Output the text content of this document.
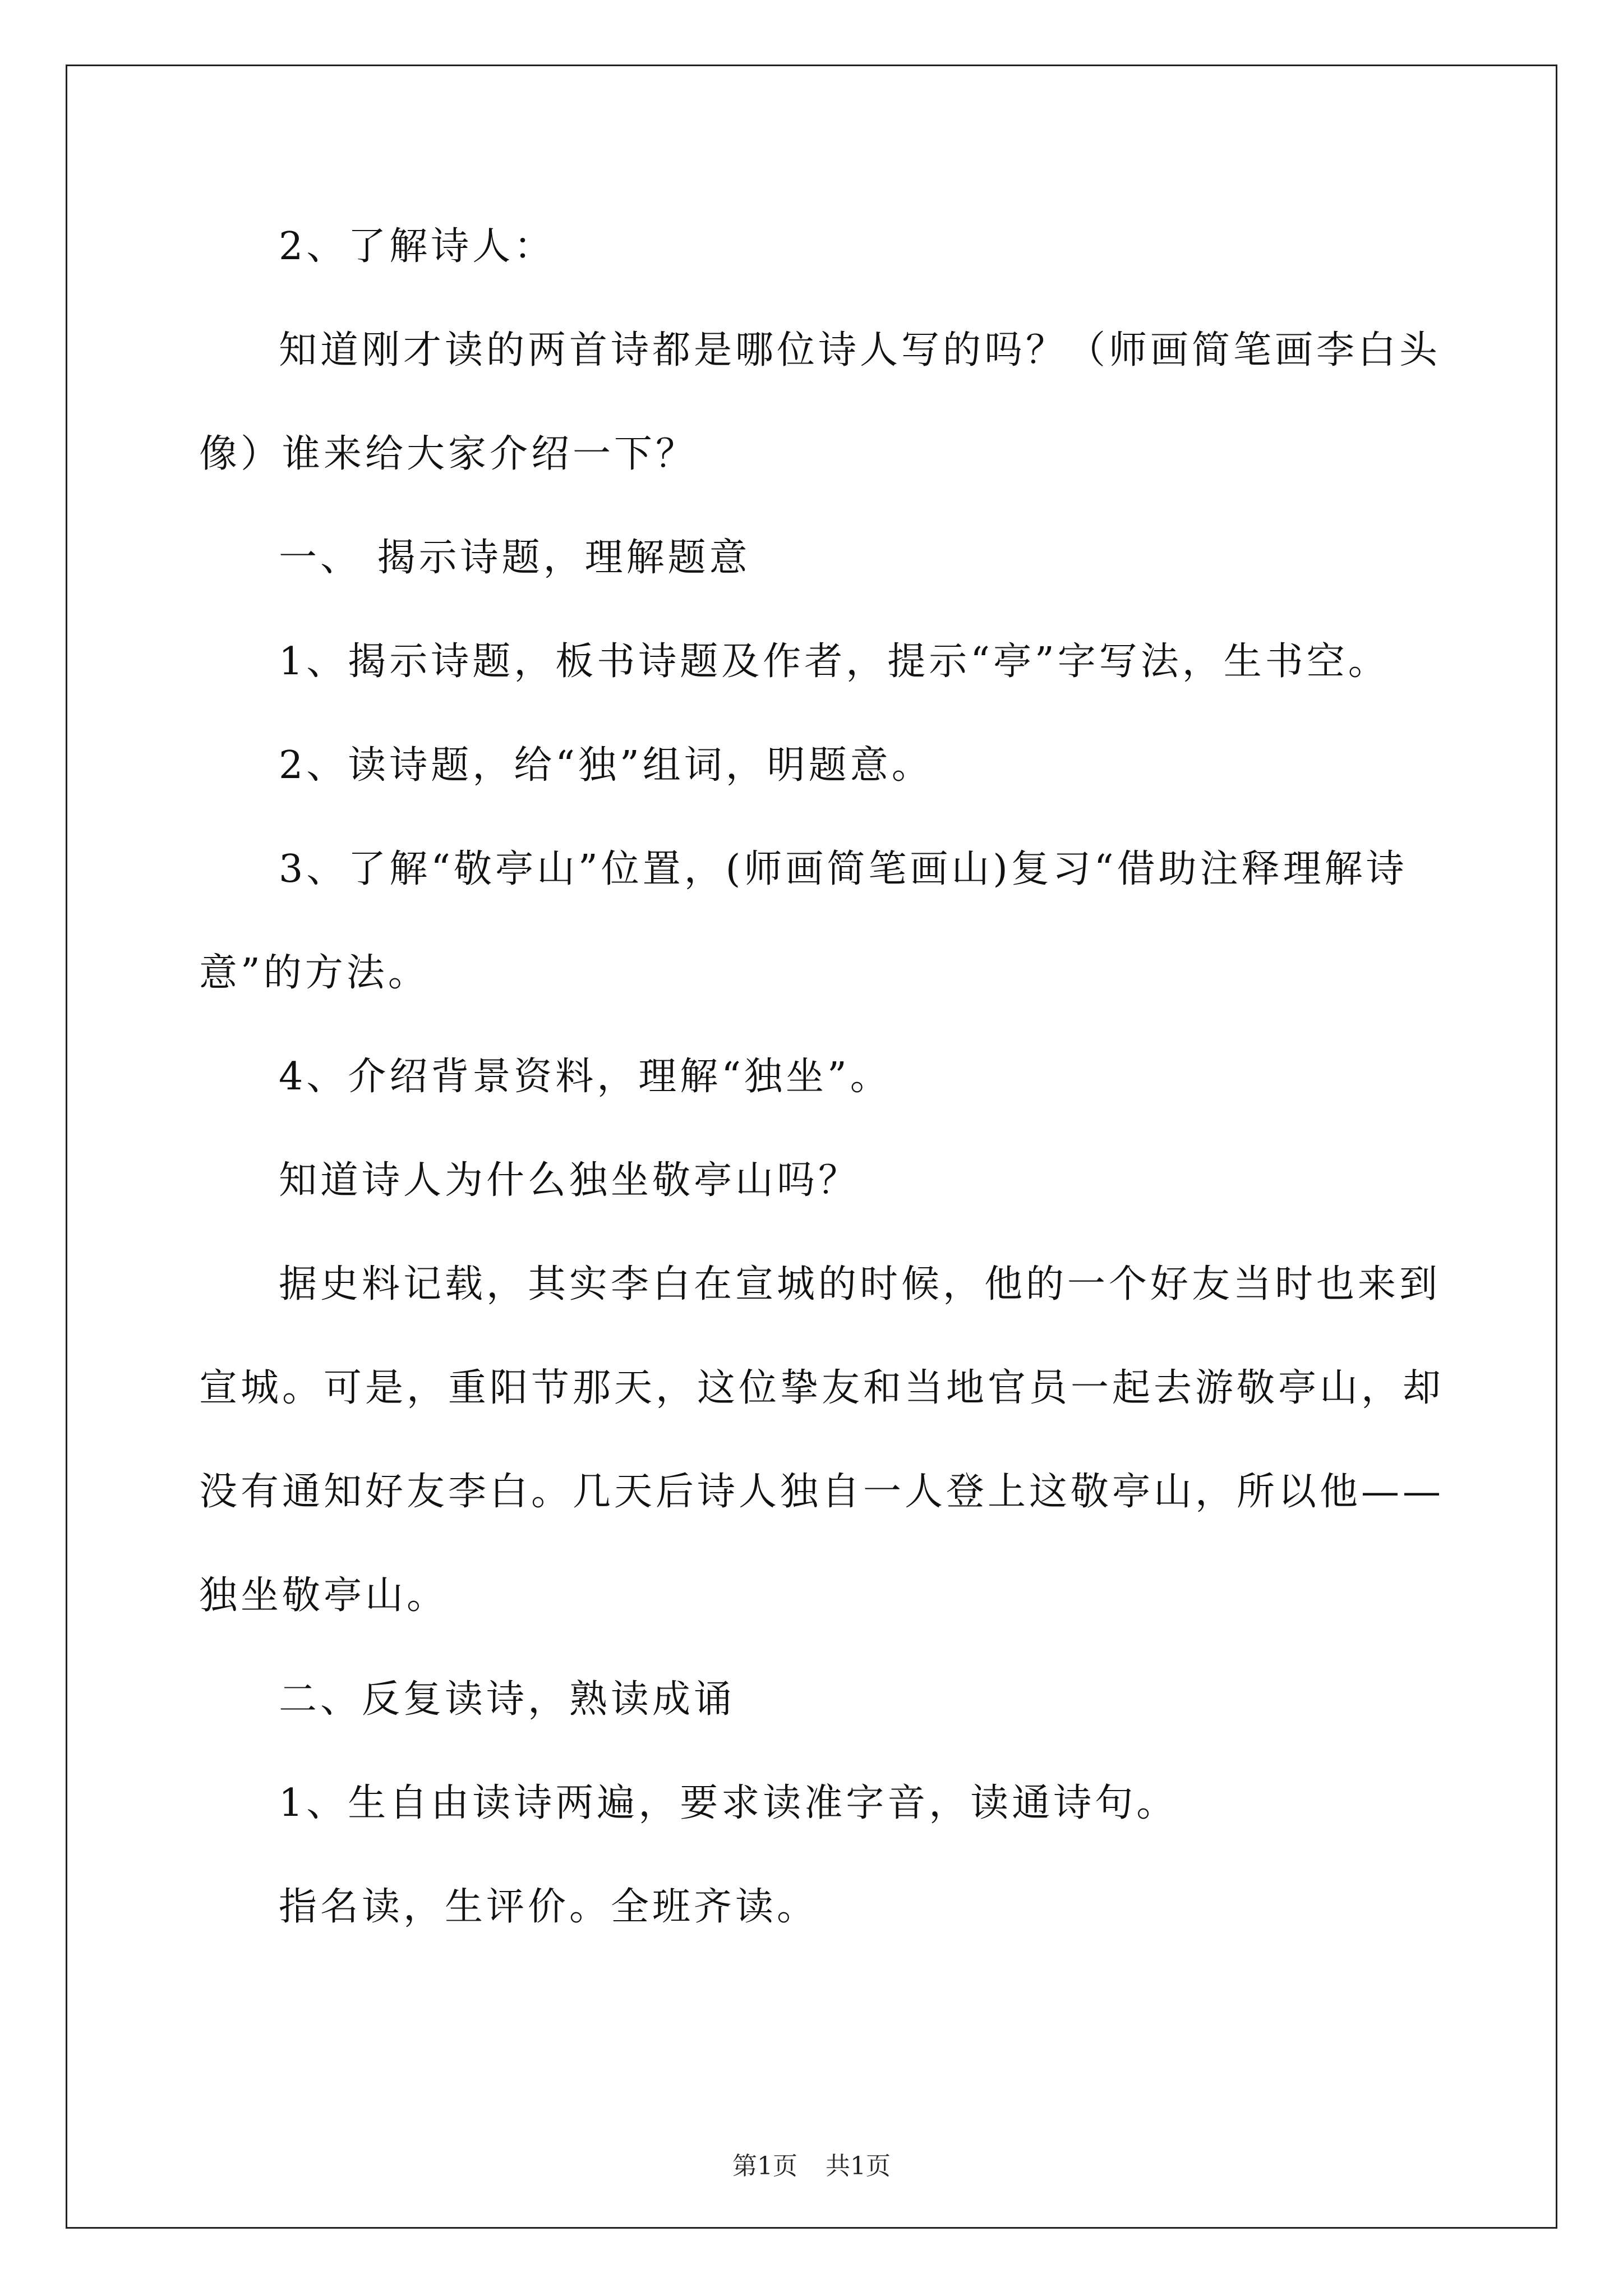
2、了解诗人：
知道刚才读的两首诗都是哪位诗人写的吗？（师画简笔画李白头
像）谁来给大家介绍一下？
一、 揭示诗题，理解题意
1、揭示诗题，板书诗题及作者，提示“亭”字写法，生书空。
2、读诗题，给“独”组词，明题意。
3、了解“敬亭山”位置，(师画简笔画山)复习“借助注释理解诗
意”的方法。
4、介绍背景资料，理解“独坐”。
知道诗人为什么独坐敬亭山吗？
据史料记载，其实李白在宣城的时候，他的一个好友当时也来到
宣城。可是，重阳节那天，这位挚友和当地官员一起去游敬亭山，却
没有通知好友李白。几天后诗人独自一人登上这敬亭山，所以他——
独坐敬亭山。
二、反复读诗，熟读成诵
1、生自由读诗两遍，要求读准字音，读通诗句。
指名读，生评价。全班齐读。
第1页 共1页
